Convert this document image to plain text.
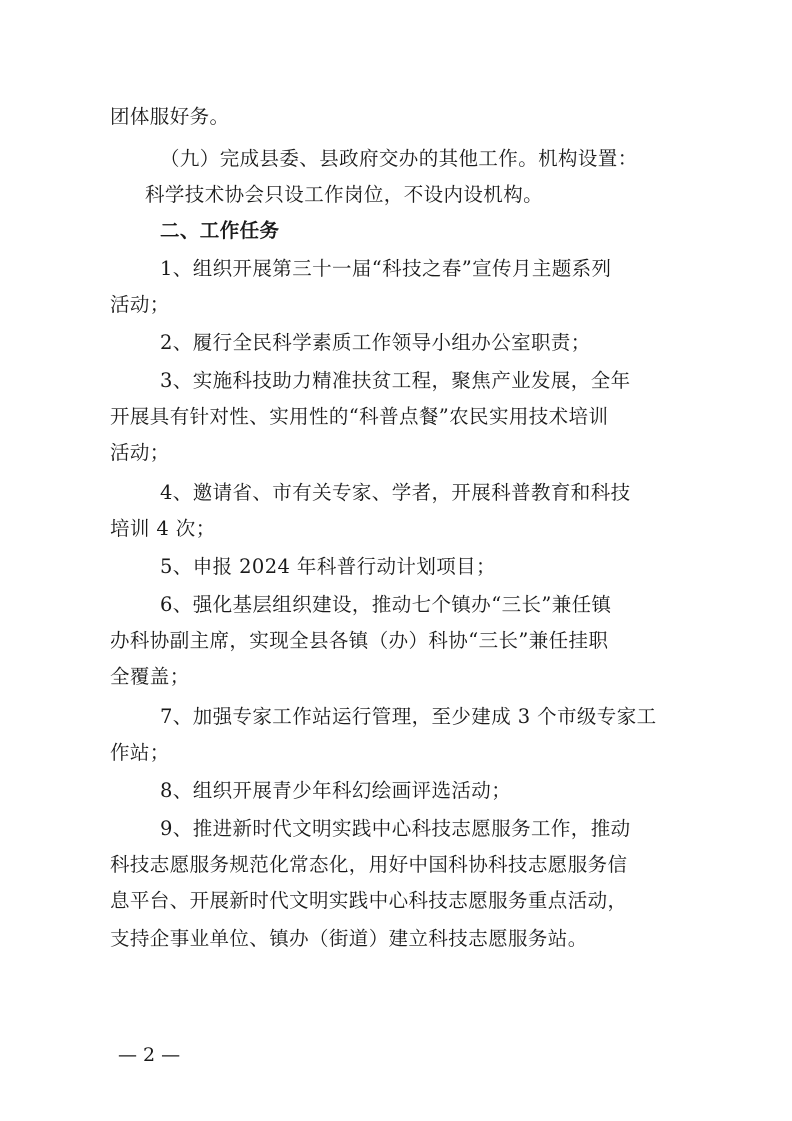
团体服好务。
（九）完成县委、县政府交办的其他工作。机构设置：
科学技术协会只设工作岗位，不设内设机构。
二、工作任务
1、组织开展第三十一届“科技之春”宣传月主题系列
活动；
2、履行全民科学素质工作领导小组办公室职责；
3、实施科技助力精准扶贫工程，聚焦产业发展，全年
开展具有针对性、实用性的“科普点餐”农民实用技术培训
活动；
4、邀请省、市有关专家、学者，开展科普教育和科技
培训 4 次；
5、申报 2024 年科普行动计划项目；
6、强化基层组织建设，推动七个镇办“三长”兼任镇
办科协副主席，实现全县各镇（办）科协“三长”兼任挂职
全覆盖；
7、加强专家工作站运行管理，至少建成 3 个市级专家工
作站；
8、组织开展青少年科幻绘画评选活动；
9、推进新时代文明实践中心科技志愿服务工作，推动
科技志愿服务规范化常态化，用好中国科协科技志愿服务信
息平台、开展新时代文明实践中心科技志愿服务重点活动，
支持企事业单位、镇办（街道）建立科技志愿服务站。
— 2 —
